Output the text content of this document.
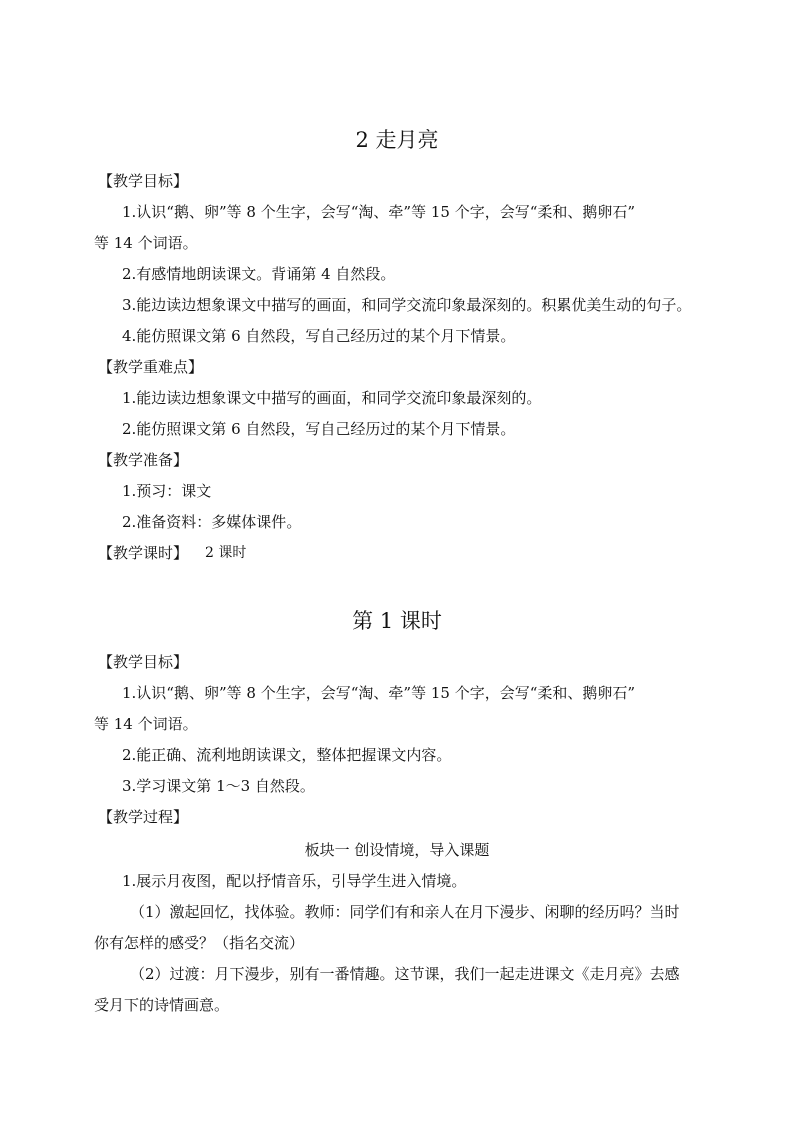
2 走月亮
【教学目标】
1.认识“鹅、卵”等 8 个生字，会写“淘、牵”等 15 个字，会写“柔和、鹅卵石”
等 14 个词语。
2.有感情地朗读课文。背诵第 4 自然段。
3.能边读边想象课文中描写的画面，和同学交流印象最深刻的。积累优美生动的句子。
4.能仿照课文第 6 自然段，写自己经历过的某个月下情景。
【教学重难点】
1.能边读边想象课文中描写的画面，和同学交流印象最深刻的。
2.能仿照课文第 6 自然段，写自己经历过的某个月下情景。
【教学准备】
1.预习：课文
2.准备资料：多媒体课件。
【教学课时】 2 课时
第 1 课时
【教学目标】
1.认识“鹅、卵”等 8 个生字，会写“淘、牵”等 15 个字，会写“柔和、鹅卵石”
等 14 个词语。
2.能正确、流利地朗读课文，整体把握课文内容。
3.学习课文第 1～3 自然段。
【教学过程】
板块一 创设情境，导入课题
1.展示月夜图，配以抒情音乐，引导学生进入情境。
（1）激起回忆，找体验。教师：同学们有和亲人在月下漫步、闲聊的经历吗？当时
你有怎样的感受？（指名交流）
（2）过渡：月下漫步，别有一番情趣。这节课，我们一起走进课文《走月亮》去感
受月下的诗情画意。
